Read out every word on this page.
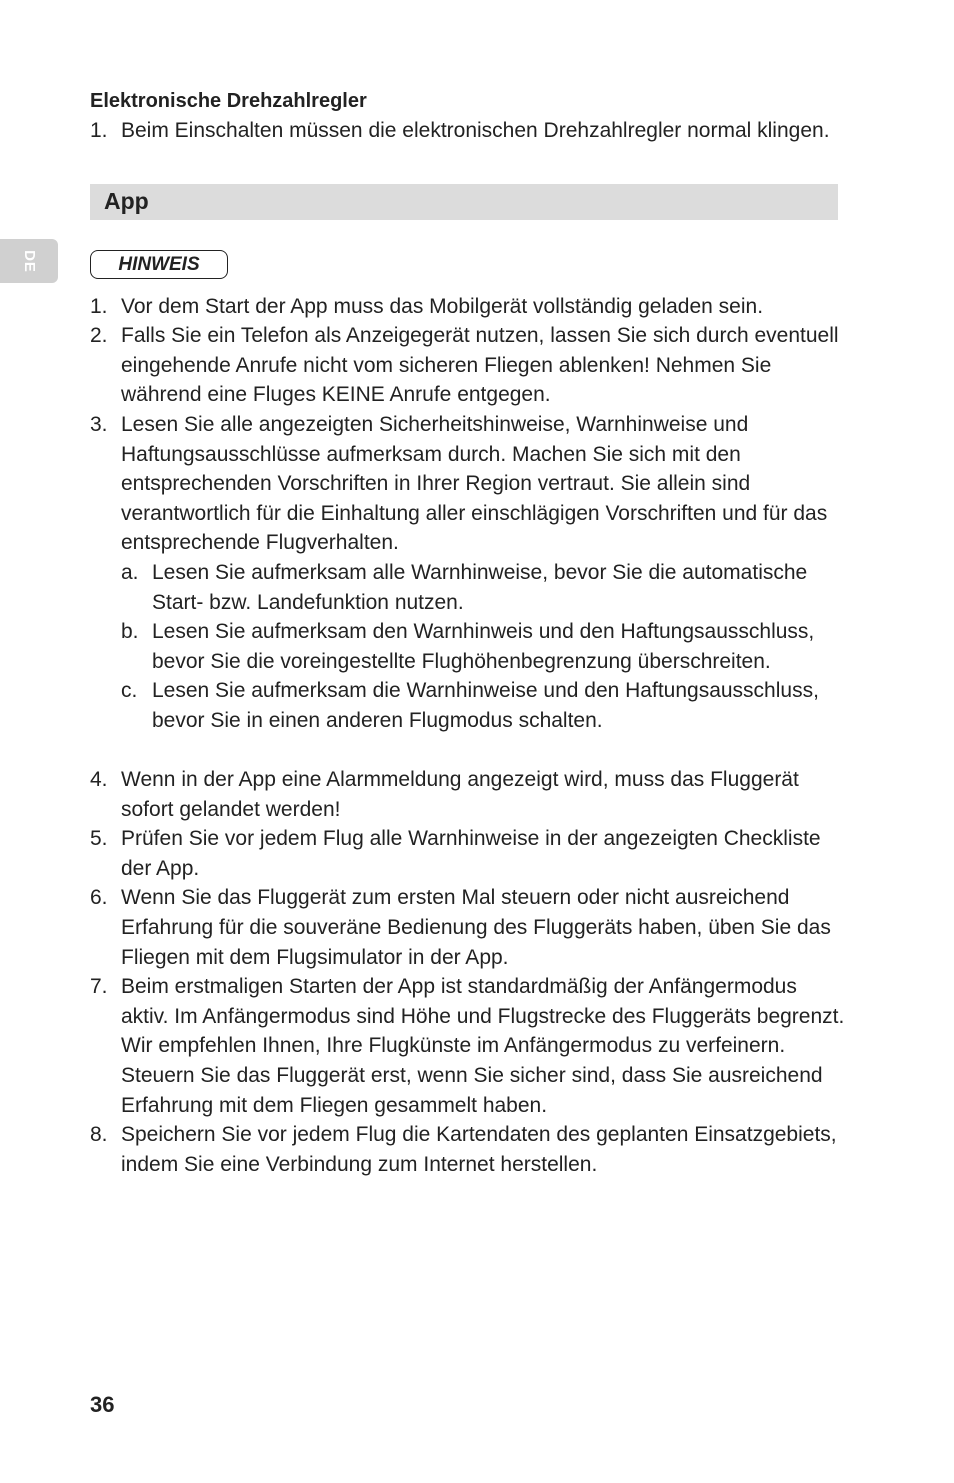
DE
Elektronische Drehzahlregler
1. Beim Einschalten müssen die elektronischen Drehzahlregler normal klingen.
App
HINWEIS
1. Vor dem Start der App muss das Mobilgerät vollständig geladen sein.
2. Falls Sie ein Telefon als Anzeigegerät nutzen, lassen Sie sich durch eventuell eingehende Anrufe nicht vom sicheren Fliegen ablenken! Nehmen Sie während eine Fluges KEINE Anrufe entgegen.
3. Lesen Sie alle angezeigten Sicherheitshinweise, Warnhinweise und Haftungsausschlüsse aufmerksam durch. Machen Sie sich mit den entsprechenden Vorschriften in Ihrer Region vertraut. Sie allein sind verantwortlich für die Einhaltung aller einschlägigen Vorschriften und für das entsprechende Flugverhalten.
a. Lesen Sie aufmerksam alle Warnhinweise, bevor Sie die automatische Start- bzw. Landefunktion nutzen.
b. Lesen Sie aufmerksam den Warnhinweis und den Haftungsausschluss, bevor Sie die voreingestellte Flughöhenbegrenzung überschreiten.
c. Lesen Sie aufmerksam die Warnhinweise und den Haftungsausschluss, bevor Sie in einen anderen Flugmodus schalten.
4. Wenn in der App eine Alarmmeldung angezeigt wird, muss das Fluggerät sofort gelandet werden!
5. Prüfen Sie vor jedem Flug alle Warnhinweise in der angezeigten Checkliste der App.
6. Wenn Sie das Fluggerät zum ersten Mal steuern oder nicht ausreichend Erfahrung für die souveräne Bedienung des Fluggeräts haben, üben Sie das Fliegen mit dem Flugsimulator in der App.
7. Beim erstmaligen Starten der App ist standardmäßig der Anfängermodus aktiv. Im Anfängermodus sind Höhe und Flugstrecke des Fluggeräts begrenzt. Wir empfehlen Ihnen, Ihre Flugkünste im Anfängermodus zu verfeinern. Steuern Sie das Fluggerät erst, wenn Sie sicher sind, dass Sie ausreichend Erfahrung mit dem Fliegen gesammelt haben.
8. Speichern Sie vor jedem Flug die Kartendaten des geplanten Einsatzgebiets, indem Sie eine Verbindung zum Internet herstellen.
36
